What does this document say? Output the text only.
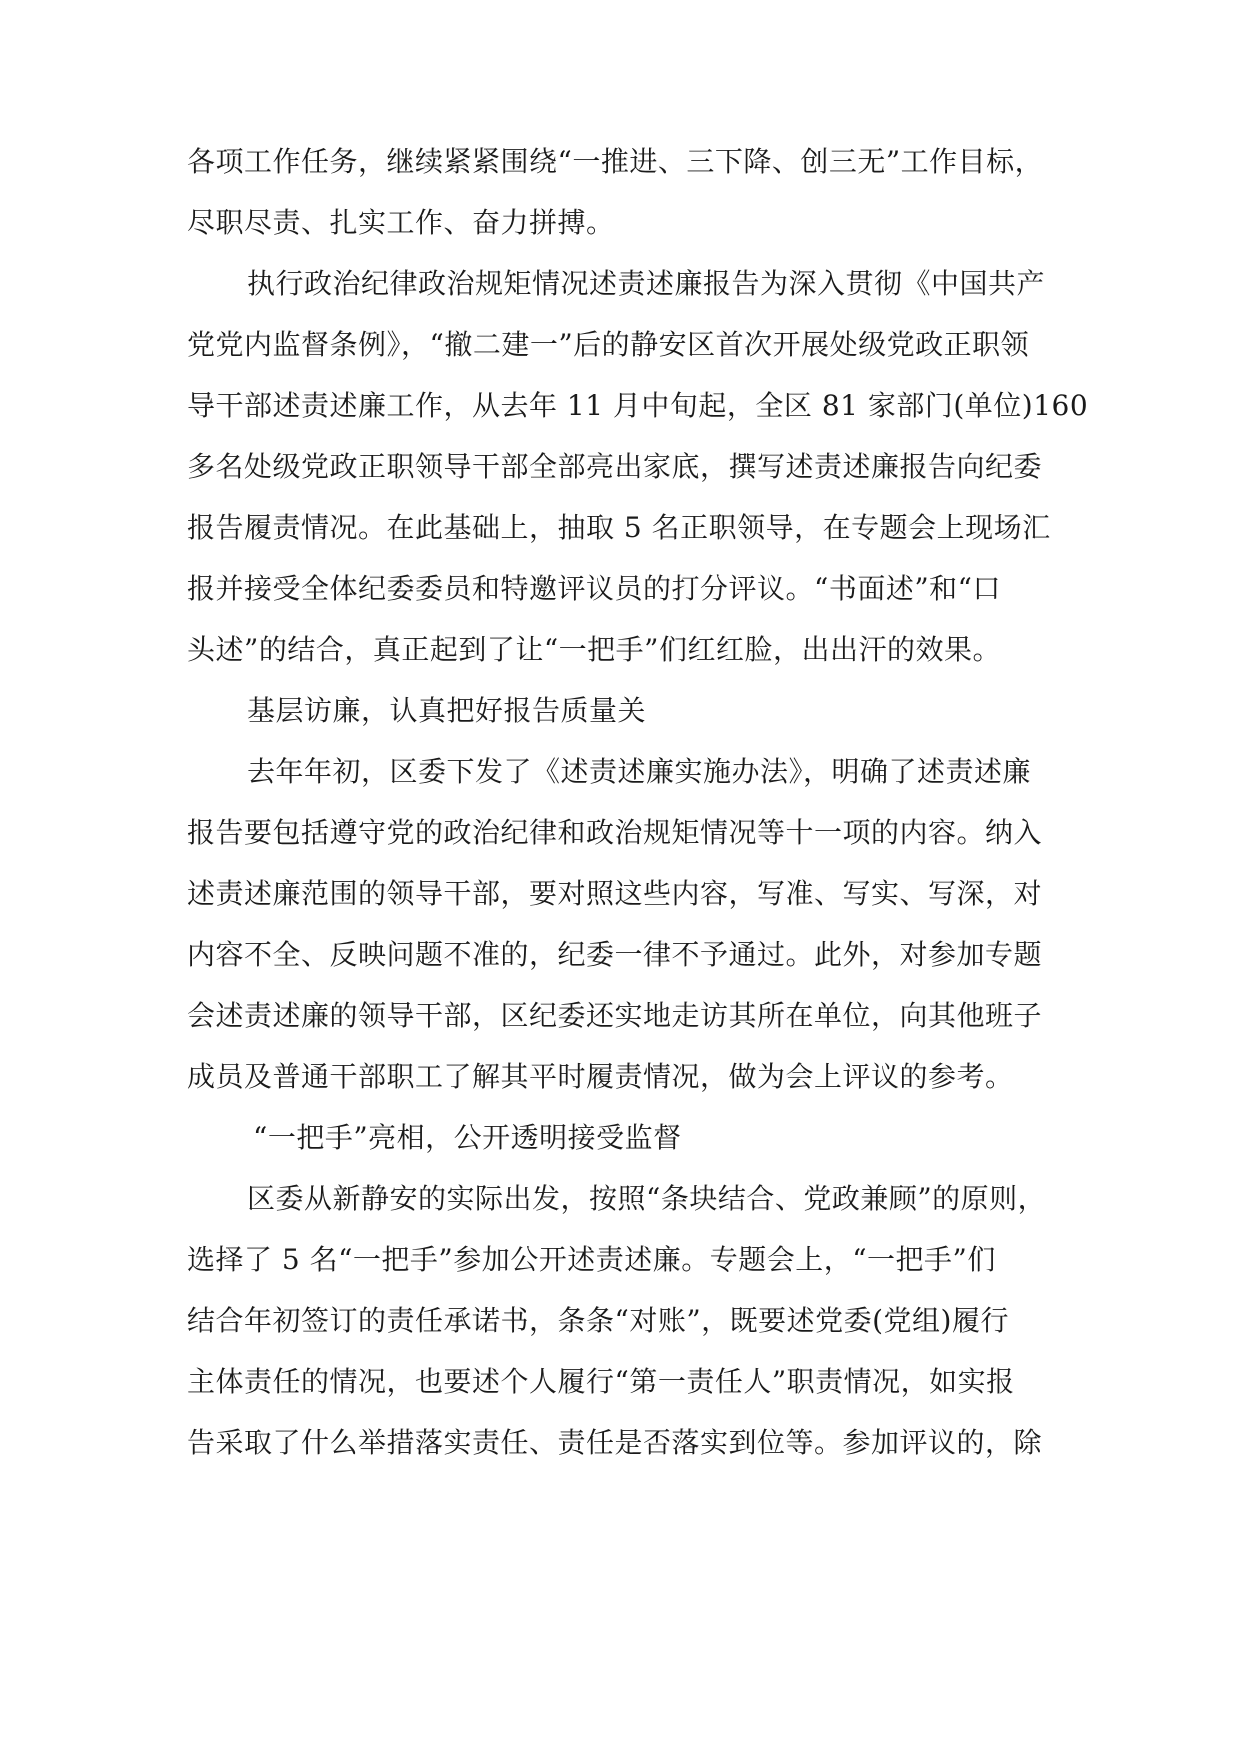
各项工作任务，继续紧紧围绕“一推进、三下降、创三无”工作目标，
尽职尽责、扎实工作、奋力拼搏。
执行政治纪律政治规矩情况述责述廉报告为深入贯彻《中国共产
党党内监督条例》，“撤二建一”后的静安区首次开展处级党政正职领
导干部述责述廉工作，从去年 11 月中旬起，全区 81 家部门(单位)160
多名处级党政正职领导干部全部亮出家底，撰写述责述廉报告向纪委
报告履责情况。在此基础上，抽取 5 名正职领导，在专题会上现场汇
报并接受全体纪委委员和特邀评议员的打分评议。“书面述”和“口
头述”的结合，真正起到了让“一把手”们红红脸，出出汗的效果。
基层访廉，认真把好报告质量关
去年年初，区委下发了《述责述廉实施办法》，明确了述责述廉
报告要包括遵守党的政治纪律和政治规矩情况等十一项的内容。纳入
述责述廉范围的领导干部，要对照这些内容，写准、写实、写深，对
内容不全、反映问题不准的，纪委一律不予通过。此外，对参加专题
会述责述廉的领导干部，区纪委还实地走访其所在单位，向其他班子
成员及普通干部职工了解其平时履责情况，做为会上评议的参考。
“一把手”亮相，公开透明接受监督
区委从新静安的实际出发，按照“条块结合、党政兼顾”的原则，
选择了 5 名“一把手”参加公开述责述廉。专题会上，“一把手”们
结合年初签订的责任承诺书，条条“对账”，既要述党委(党组)履行
主体责任的情况，也要述个人履行“第一责任人”职责情况，如实报
告采取了什么举措落实责任、责任是否落实到位等。参加评议的，除
